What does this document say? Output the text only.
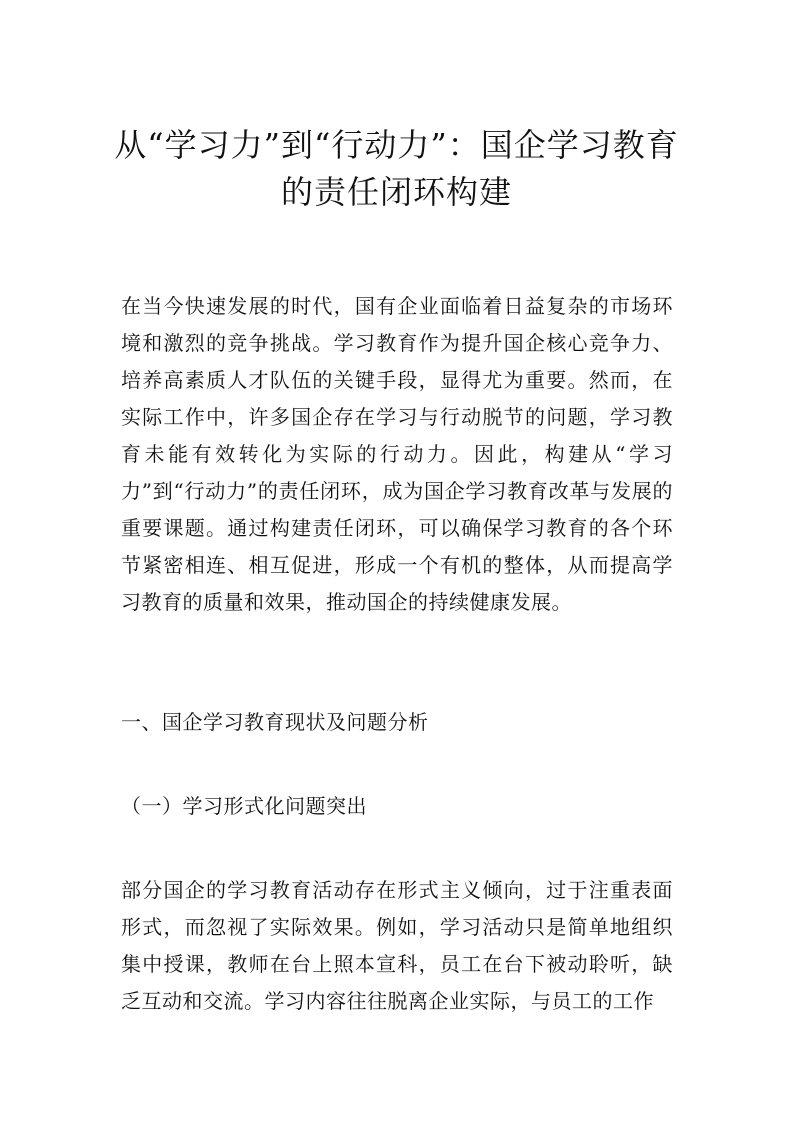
从“学习力”到“行动力”：国企学习教育
的责任闭环构建

在当今快速发展的时代，国有企业面临着日益复杂的市场环境和激烈的竞争挑战。学习教育作为提升国企核心竞争力、培养高素质人才队伍的关键手段，显得尤为重要。然而，在实际工作中，许多国企存在学习与行动脱节的问题，学习教育未能有效转化为实际的行动力。因此，构建从“学习力”到“行动力”的责任闭环，成为国企学习教育改革与发展的重要课题。通过构建责任闭环，可以确保学习教育的各个环节紧密相连、相互促进，形成一个有机的整体，从而提高学习教育的质量和效果，推动国企的持续健康发展。

一、国企学习教育现状及问题分析

（一）学习形式化问题突出

部分国企的学习教育活动存在形式主义倾向，过于注重表面形式，而忽视了实际效果。例如，学习活动只是简单地组织集中授课，教师在台上照本宣科，员工在台下被动聆听，缺乏互动和交流。学习内容往往脱离企业实际，与员工的工作
